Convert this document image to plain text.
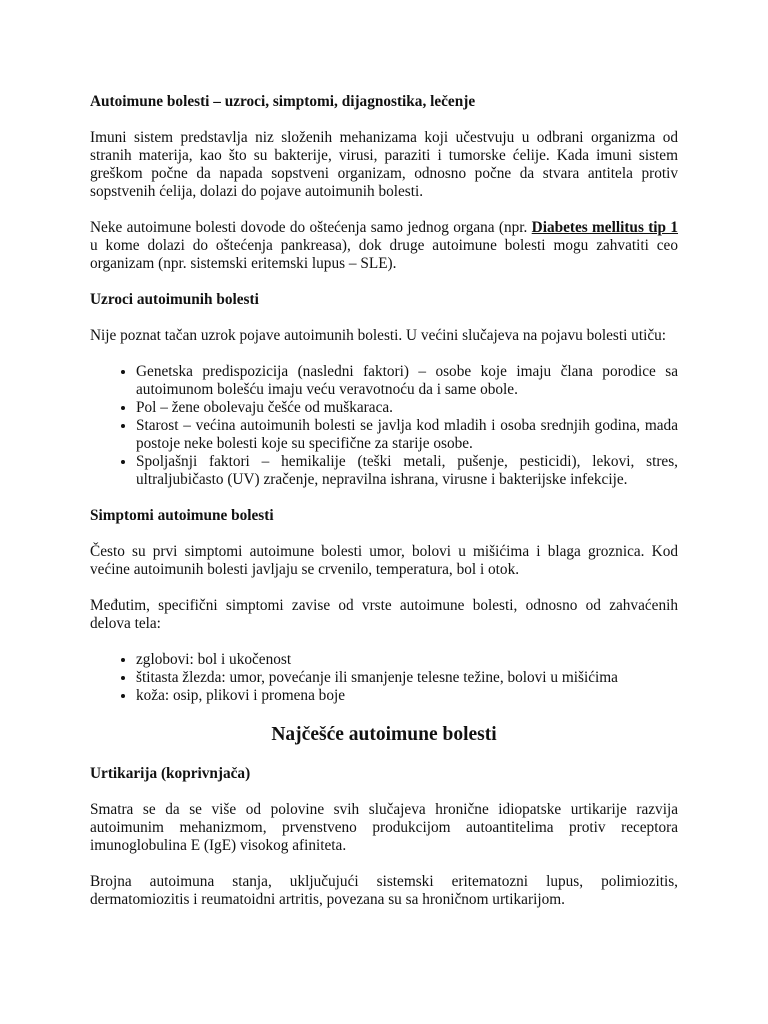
Autoimune bolesti – uzroci, simptomi, dijagnostika, lečenje

Imuni sistem predstavlja niz složenih mehanizama koji učestvuju u odbrani organizma od stranih materija, kao što su bakterije, virusi, paraziti i tumorske ćelije. Kada imuni sistem greškom počne da napada sopstveni organizam, odnosno počne da stvara antitela protiv sopstvenih ćelija, dolazi do pojave autoimunih bolesti.

Neke autoimune bolesti dovode do oštećenja samo jednog organa (npr. Diabetes mellitus tip 1 u kome dolazi do oštećenja pankreasa), dok druge autoimune bolesti mogu zahvatiti ceo organizam (npr. sistemski eritemski lupus – SLE).

Uzroci autoimunih bolesti

Nije poznat tačan uzrok pojave autoimunih bolesti. U većini slučajeva na pojavu bolesti utiču:

• Genetska predispozicija (nasledni faktori) – osobe koje imaju člana porodice sa autoimunom bolešću imaju veću veravotnoću da i same obole.
• Pol – žene obolevaju češće od muškaraca.
• Starost – većina autoimunih bolesti se javlja kod mladih i osoba srednjih godina, mada postoje neke bolesti koje su specifične za starije osobe.
• Spoljašnji faktori – hemikalije (teški metali, pušenje, pesticidi), lekovi, stres, ultraljubičasto (UV) zračenje, nepravilna ishrana, virusne i bakterijske infekcije.
Simptomi autoimune bolesti

Često su prvi simptomi autoimune bolesti umor, bolovi u mišićima i blaga groznica. Kod većine autoimunih bolesti javljaju se crvenilo, temperatura, bol i otok.

Međutim, specifični simptomi zavise od vrste autoimune bolesti, odnosno od zahvaćenih delova tela:

• zglobovi: bol i ukočenost
• štitasta žlezda: umor, povećanje ili smanjenje telesne težine, bolovi u mišićima
• koža: osip, plikovi i promena boje
Najčešće autoimune bolesti
Urtikarija (koprivnjača)

Smatra se da se više od polovine svih slučajeva hronične idiopatske urtikarije razvija autoimunim mehanizmom, prvenstveno produkcijom autoantitelima protiv receptora imunoglobulina E (IgE) visokog afiniteta.

Brojna autoimuna stanja, uključujući sistemski eritematozni lupus, polimiozitis, dermatomiozitis i reumatoidni artritis, povezana su sa hroničnom urtikarijom.
